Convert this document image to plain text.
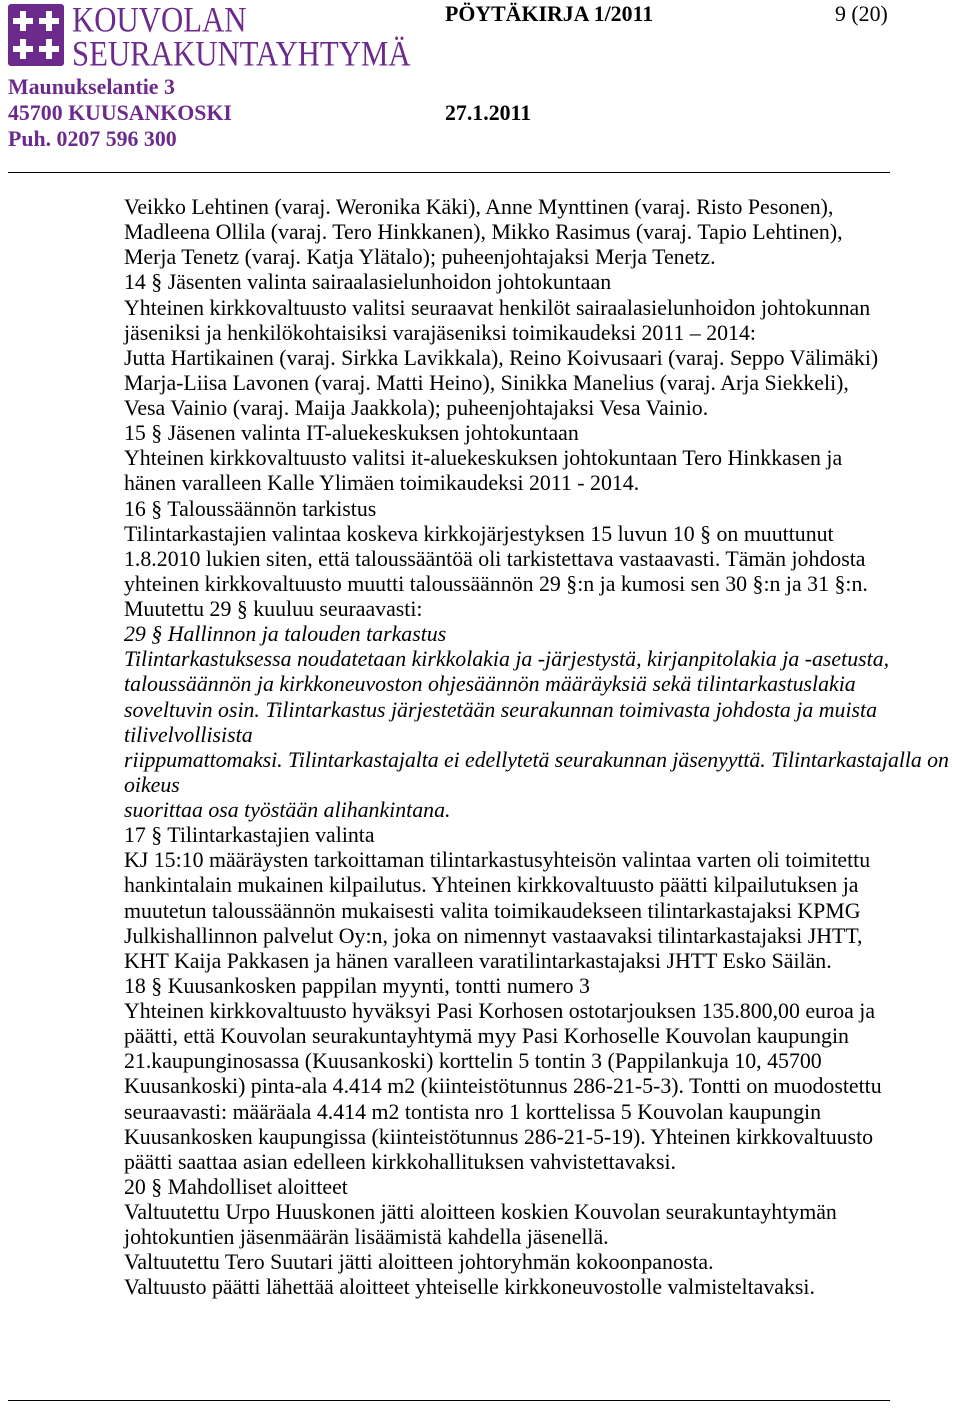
KOUVOLAN
SEURAKUNTAYHTYMÄ
PÖYTÄKIRJA 1/2011	9 (20)
Maunukselantie 3
45700 KUUSANKOSKI	27.1.2011
Puh. 0207 596 300
Veikko Lehtinen (varaj. Weronika Käki), Anne Mynttinen (varaj. Risto Pesonen),
Madleena Ollila (varaj. Tero Hinkkanen), Mikko Rasimus (varaj. Tapio Lehtinen),
Merja Tenetz (varaj. Katja Ylätalo); puheenjohtajaksi Merja Tenetz.
14 § Jäsenten valinta sairaalasielunhoidon johtokuntaan
Yhteinen kirkkovaltuusto valitsi seuraavat henkilöt sairaalasielunhoidon johtokunnan
jäseniksi ja henkilökohtaisiksi varajäseniksi toimikaudeksi 2011 – 2014:
Jutta Hartikainen (varaj. Sirkka Lavikkala), Reino Koivusaari (varaj. Seppo Välimäki)
Marja-Liisa Lavonen (varaj. Matti Heino), Sinikka Manelius (varaj. Arja Siekkeli),
Vesa Vainio (varaj. Maija Jaakkola); puheenjohtajaksi Vesa Vainio.
15 § Jäsenen valinta IT-aluekeskuksen johtokuntaan
Yhteinen kirkkovaltuusto valitsi it-aluekeskuksen johtokuntaan Tero Hinkkasen ja
hänen varalleen Kalle Ylimäen toimikaudeksi 2011 - 2014.
16 § Taloussäännön tarkistus
Tilintarkastajien valintaa koskeva kirkkojärjestyksen 15 luvun 10 § on muuttunut
1.8.2010 lukien siten, että taloussääntöä oli tarkistettava vastaavasti. Tämän johdosta
yhteinen kirkkovaltuusto muutti taloussäännön 29 §:n ja kumosi sen 30 §:n ja 31 §:n.
Muutettu 29 § kuuluu seuraavasti:
29 § Hallinnon ja talouden tarkastus
Tilintarkastuksessa noudatetaan kirkkolakia ja -järjestystä, kirjanpitolakia ja -asetusta,
taloussäännön ja kirkkoneuvoston ohjesäännön määräyksiä sekä tilintarkastuslakia
soveltuvin osin. Tilintarkastus järjestetään seurakunnan toimivasta johdosta ja muista
tilivelvollisista
riippumattomaksi. Tilintarkastajalta ei edellytetä seurakunnan jäsenyyttä. Tilintarkastajalla on
oikeus
suorittaa osa työstään alihankintana.
17 § Tilintarkastajien valinta
KJ 15:10 määräysten tarkoittaman tilintarkastusyhteisön valintaa varten oli toimitettu
hankintalain mukainen kilpailutus. Yhteinen kirkkovaltuusto päätti kilpailutuksen ja
muutetun taloussäännön mukaisesti valita toimikaudekseen tilintarkastajaksi KPMG
Julkishallinnon palvelut Oy:n, joka on nimennyt vastaavaksi tilintarkastajaksi JHTT,
KHT Kaija Pakkasen ja hänen varalleen varatilintarkastajaksi JHTT Esko Säilän.
18 § Kuusankosken pappilan myynti, tontti numero 3
Yhteinen kirkkovaltuusto hyväksyi Pasi Korhosen ostotarjouksen 135.800,00 euroa ja
päätti, että Kouvolan seurakuntayhtymä myy Pasi Korhoselle Kouvolan kaupungin
21.kaupunginosassa (Kuusankoski) korttelin 5 tontin 3 (Pappilankuja 10, 45700
Kuusankoski) pinta-ala 4.414 m2 (kiinteistötunnus 286-21-5-3). Tontti on muodostettu
seuraavasti: määräala 4.414 m2 tontista nro 1 korttelissa 5 Kouvolan kaupungin
Kuusankosken kaupungissa (kiinteistötunnus 286-21-5-19). Yhteinen kirkkovaltuusto
päätti saattaa asian edelleen kirkkohallituksen vahvistettavaksi.
20 § Mahdolliset aloitteet
Valtuutettu Urpo Huuskonen jätti aloitteen koskien Kouvolan seurakuntayhtymän
johtokuntien jäsenmäärän lisäämistä kahdella jäsenellä.
Valtuutettu Tero Suutari jätti aloitteen johtoryhmän kokoonpanosta.
Valtuusto päätti lähettää aloitteet yhteiselle kirkkoneuvostolle valmisteltavaksi.
